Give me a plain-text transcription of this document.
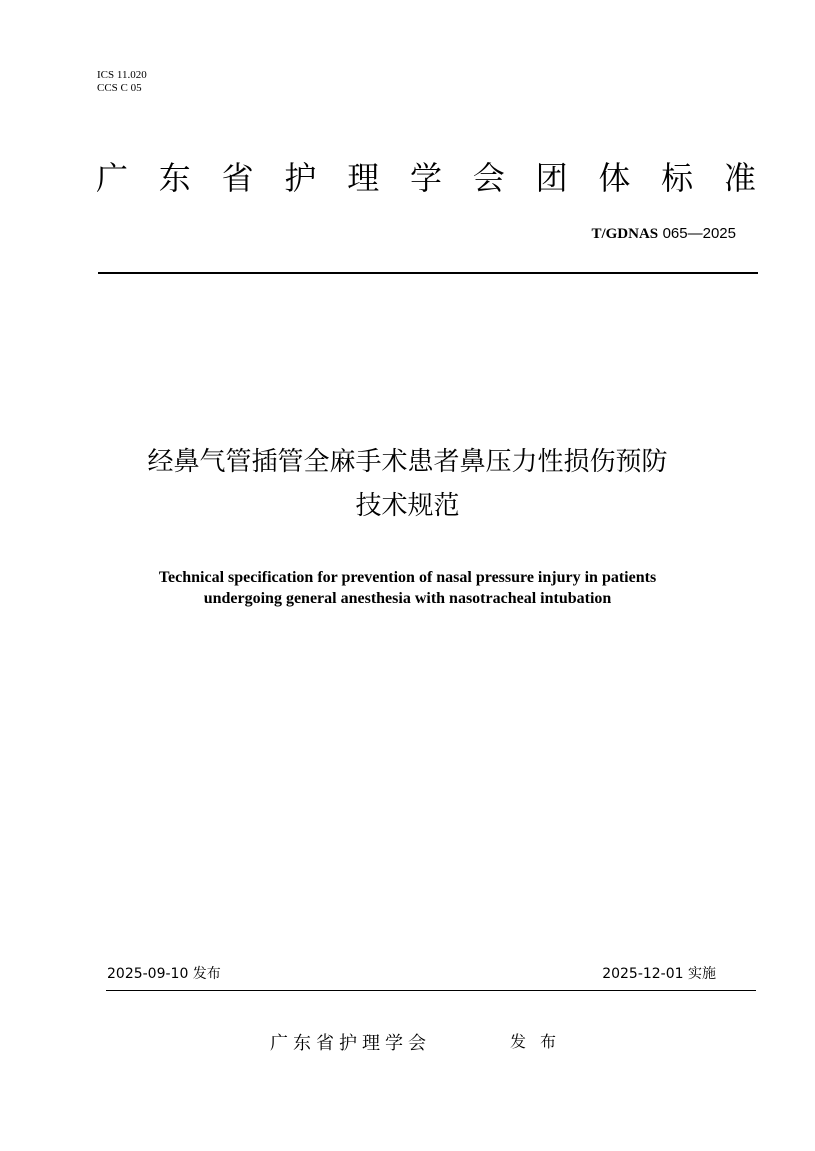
ICS 11.020
CCS C 05
广 东 省 护 理 学 会 团 体 标 准
T/GDNAS 065—2025
经鼻气管插管全麻手术患者鼻压力性损伤预防
技术规范
Technical specification for prevention of nasal pressure injury in patients
undergoing general anesthesia with nasotracheal intubation
2025-09-10 发布	2025-12-01 实施
广东省护理学会	发布
